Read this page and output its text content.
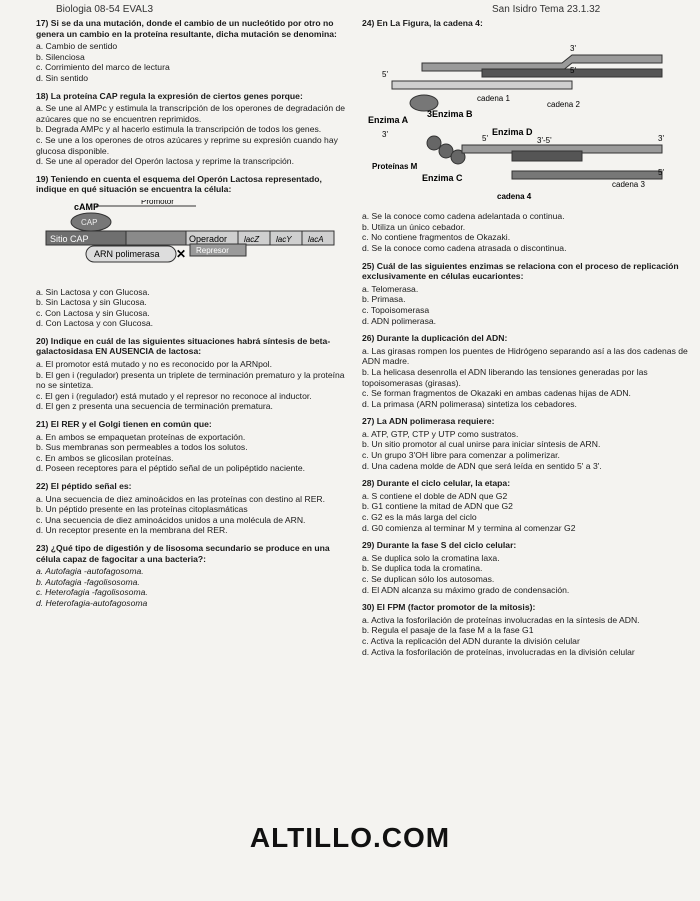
Biologia 08-54 EVAL3	San Isidro Tema 23.1.32
17) Si se da una mutación, donde el cambio de un nucleótido por otro no genera un cambio en la proteína resultante, dicha mutación se denomina:
a. Cambio de sentido
b. Silenciosa
c. Corrimiento del marco de lectura
d. Sin sentido
18) La proteína CAP regula la expresión de ciertos genes porque:
a. Se une al AMPc y estimula la transcripción de los operones de degradación de azúcares que no se encuentren reprimidos.
b. Degrada AMPc y al hacerlo estimula la transcripción de todos los genes.
c. Se une a los operones de otros azúcares y reprime su expresión cuando hay glucosa disponible.
d. Se une al operador del Operón lactosa y reprime la transcripción.
19) Teniendo en cuenta el esquema del Operón Lactosa representado, indique en qué situación se encuentra la célula:
cAMP
Promotor
CAP
Sitio CAP	Operador lacZ lacY lacA
ARN polimerasa ✕ Represor
a. Sin Lactosa y con Glucosa.
b. Sin Lactosa y sin Glucosa.
c. Con Lactosa y sin Glucosa.
d. Con Lactosa y con Glucosa.
20) Indique en cuál de las siguientes situaciones habrá síntesis de beta-galactosidasa EN AUSENCIA de lactosa:
a. El promotor está mutado y no es reconocido por la ARNpol.
b. El gen i (regulador) presenta un triplete de terminación prematuro y la proteína no se sintetiza.
c. El gen i (regulador) está mutado y el represor no reconoce al inductor.
d. El gen z presenta una secuencia de terminación prematura.
21) El RER y el Golgi tienen en común que:
a. En ambos se empaquetan proteínas de exportación.
b. Sus membranas son permeables a todos los solutos.
c. En ambos se glicosilan proteínas.
d. Poseen receptores para el péptido señal de un polipéptido naciente.
22) El péptido señal es:
a. Una secuencia de diez aminoácidos en las proteínas con destino al RER.
b. Un péptido presente en las proteínas citoplasmáticas
c. Una secuencia de diez aminoácidos unidos a una molécula de ARN.
d. Un receptor presente en la membrana del RER.
23) ¿Qué tipo de digestión y de lisosoma secundario se produce en una célula capaz de fagocitar a una bacteria?:
a. Autofagia -autofagosoma.
b. Autofagia -fagolisosoma.
c. Heterofagia -fagolisosoma.
d. Heterofagia-autofagosoma
24) En La Figura, la cadena 4:
3'
5'	5'
cadena 1
cadena 2
Enzima A
3Enzima B
Enzima D
3'
Proteínas M
5'	3'-5'	3'
5'
Enzima C
cadena 3
cadena 4
a. Se la conoce como cadena adelantada o continua.
b. Utiliza un único cebador.
c. No contiene fragmentos de Okazaki.
d. Se la conoce como cadena atrasada o discontinua.
25) Cuál de las siguientes enzimas se relaciona con el proceso de replicación exclusivamente en células eucariontes:
a. Telomerasa.
b. Primasa.
c. Topoisomerasa
d. ADN polimerasa.
26) Durante la duplicación del ADN:
a. Las girasas rompen los puentes de Hidrógeno separando así a las dos cadenas de ADN madre.
b. La helicasa desenrolla el ADN liberando las tensiones generadas por las topoisomerasas (girasas).
c. Se forman fragmentos de Okazaki en ambas cadenas hijas de ADN.
d. La primasa (ARN polimerasa) sintetiza los cebadores.
27) La ADN polimerasa requiere:
a. ATP, GTP, CTP y UTP como sustratos.
b. Un sitio promotor al cual unirse para iniciar síntesis de ARN.
c. Un grupo 3'OH libre para comenzar a polimerizar.
d. Una cadena molde de ADN que será leída en sentido 5' a 3'.
28) Durante el ciclo celular, la etapa:
a. S contiene el doble de ADN que G2
b. G1 contiene la mitad de ADN que G2
c. G2 es la más larga del ciclo
d. G0 comienza al terminar M y termina al comenzar G2
29) Durante la fase S del ciclo celular:
a. Se duplica solo la cromatina laxa.
b. Se duplica toda la cromatina.
c. Se duplican sólo los autosomas.
d. El ADN alcanza su máximo grado de condensación.
30) El FPM (factor promotor de la mitosis):
a. Activa la fosforilación de proteínas involucradas en la síntesis de ADN.
b. Regula el pasaje de la fase M a la fase G1
c. Activa la replicación del ADN durante la división celular
d. Activa la fosforilación de proteínas, involucradas en la división celular
ALTILLO.COM
